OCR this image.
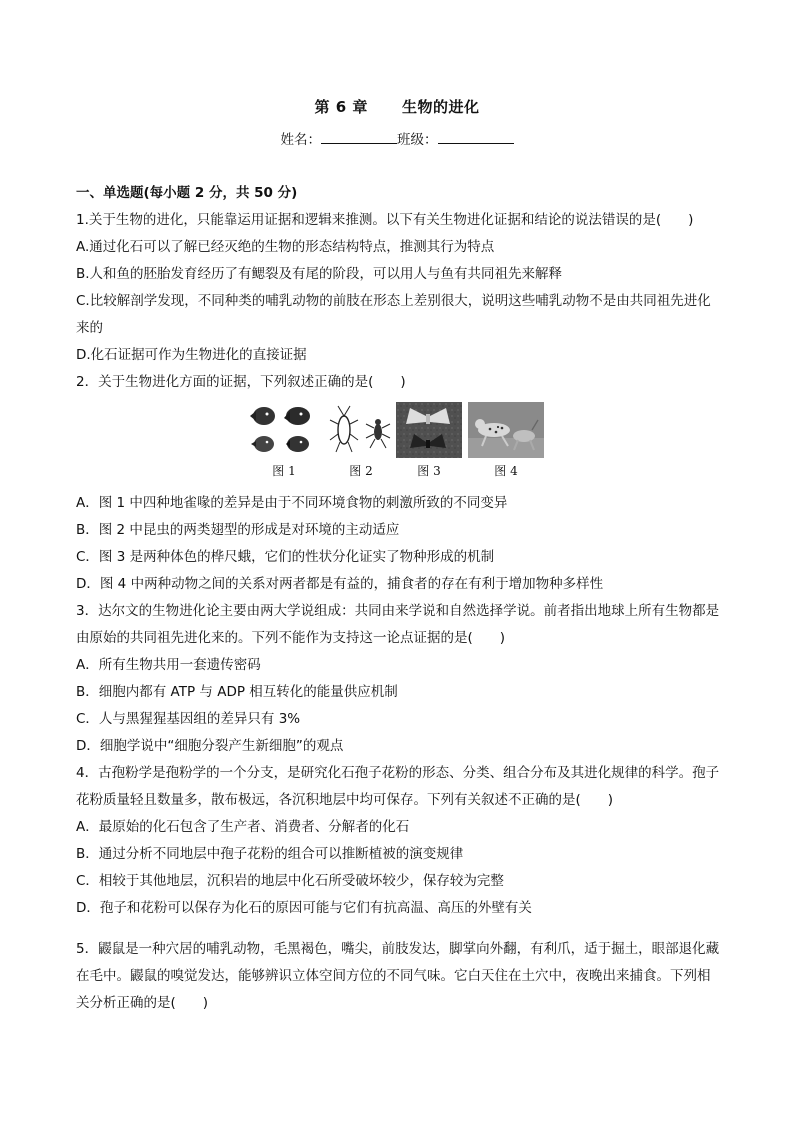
第 6 章 生物的进化
姓名：	班级：
一、单选题(每小题 2 分，共 50 分)
1.关于生物的进化，只能靠运用证据和逻辑来推测。以下有关生物进化证据和结论的说法错误的是(　　)
A.通过化石可以了解已经灭绝的生物的形态结构特点，推测其行为特点
B.人和鱼的胚胎发育经历了有鳃裂及有尾的阶段，可以用人与鱼有共同祖先来解释
C.比较解剖学发现，不同种类的哺乳动物的前肢在形态上差别很大，说明这些哺乳动物不是由共同祖先进化来的
D.化石证据可作为生物进化的直接证据
2．关于生物进化方面的证据，下列叙述正确的是(　　)
图 1	图 2	图 3	图 4
A．图 1 中四种地雀喙的差异是由于不同环境食物的刺激所致的不同变异
B．图 2 中昆虫的两类翅型的形成是对环境的主动适应
C．图 3 是两种体色的桦尺蛾，它们的性状分化证实了物种形成的机制
D．图 4 中两种动物之间的关系对两者都是有益的，捕食者的存在有利于增加物种多样性
3．达尔文的生物进化论主要由两大学说组成：共同由来学说和自然选择学说。前者指出地球上所有生物都是由原始的共同祖先进化来的。下列不能作为支持这一论点证据的是(　　)
A．所有生物共用一套遗传密码
B．细胞内都有 ATP 与 ADP 相互转化的能量供应机制
C．人与黑猩猩基因组的差异只有 3%
D．细胞学说中“细胞分裂产生新细胞”的观点
4．古孢粉学是孢粉学的一个分支，是研究化石孢子花粉的形态、分类、组合分布及其进化规律的科学。孢子花粉质量轻且数量多，散布极远，各沉积地层中均可保存。下列有关叙述不正确的是(　　)
A．最原始的化石包含了生产者、消费者、分解者的化石
B．通过分析不同地层中孢子花粉的组合可以推断植被的演变规律
C．相较于其他地层，沉积岩的地层中化石所受破坏较少，保存较为完整
D．孢子和花粉可以保存为化石的原因可能与它们有抗高温、高压的外壁有关
5．鼹鼠是一种穴居的哺乳动物，毛黑褐色，嘴尖，前肢发达，脚掌向外翻，有利爪，适于掘土，眼部退化藏在毛中。鼹鼠的嗅觉发达，能够辨识立体空间方位的不同气味。它白天住在土穴中，夜晚出来捕食。下列相关分析正确的是(　　)
